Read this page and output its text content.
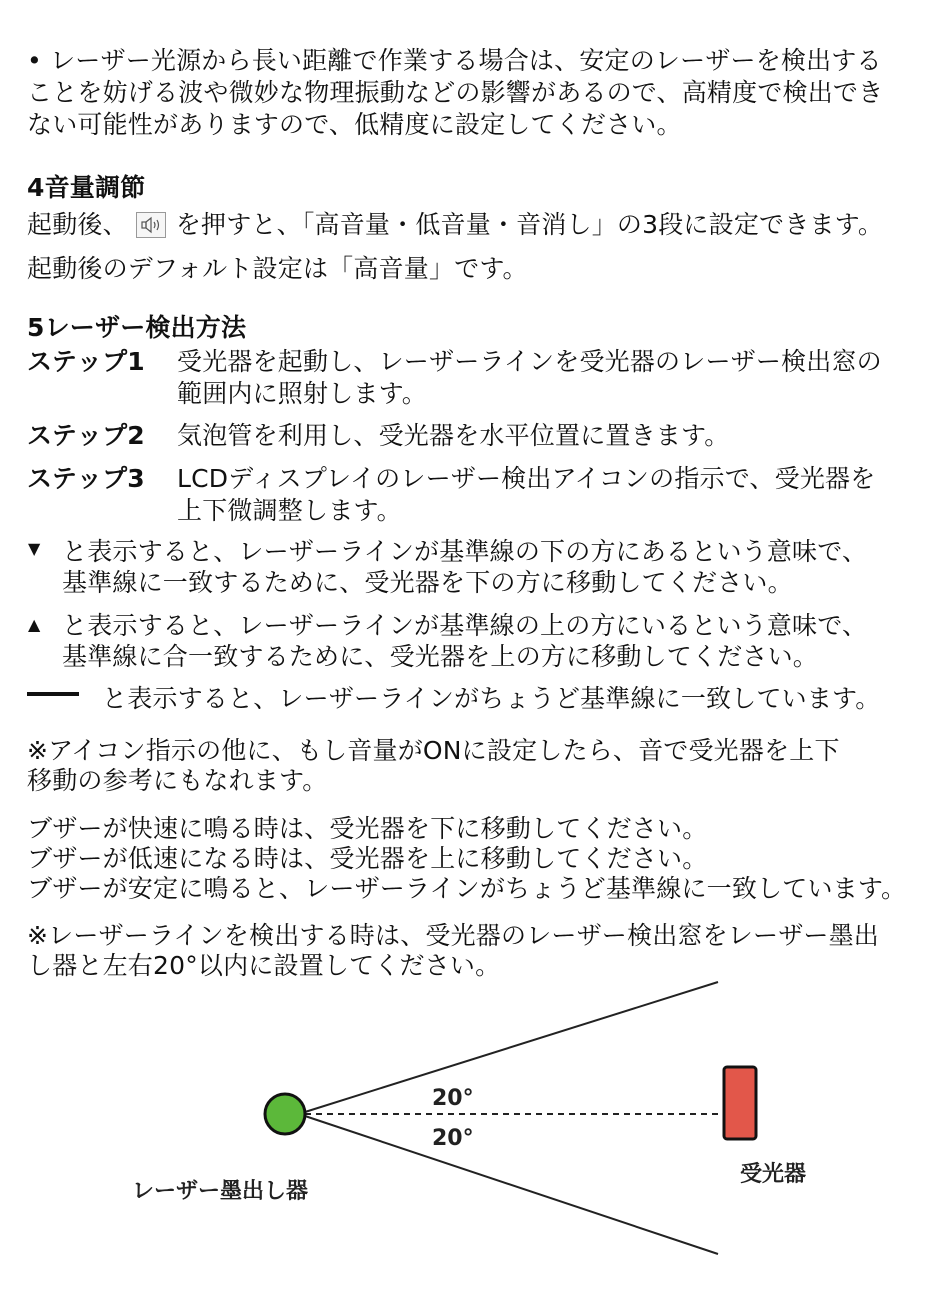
• レーザー光源から長い距離で作業する場合は、安定のレーザーを検出する
ことを妨げる波や微妙な物理振動などの影響があるので、高精度で検出でき
ない可能性がありますので、低精度に設定してください。
4音量調節
起動後、 を押すと、「高音量・低音量・音消し」の3段に設定できます。
起動後のデフォルト設定は「高音量」です。
5レーザー検出方法
ステップ1 受光器を起動し、レーザーラインを受光器のレーザー検出窓の
範囲内に照射します。
ステップ2 気泡管を利用し、受光器を水平位置に置きます。
ステップ3 LCDディスプレイのレーザー検出アイコンの指示で、受光器を
上下微調整します。
▼ と表示すると、レーザーラインが基準線の下の方にあるという意味で、
基準線に一致するために、受光器を下の方に移動してください。
▲ と表示すると、レーザーラインが基準線の上の方にいるという意味で、
基準線に合一致するために、受光器を上の方に移動してください。
と表示すると、レーザーラインがちょうど基準線に一致しています。
※アイコン指示の他に、もし音量がONに設定したら、音で受光器を上下
移動の参考にもなれます。
ブザーが快速に鳴る時は、受光器を下に移動してください。
ブザーが低速になる時は、受光器を上に移動してください。
ブザーが安定に鳴ると、レーザーラインがちょうど基準線に一致しています。
※レーザーラインを検出する時は、受光器のレーザー検出窓をレーザー墨出
し器と左右20°以内に設置してください。
20°
20°
レーザー墨出し器
受光器
